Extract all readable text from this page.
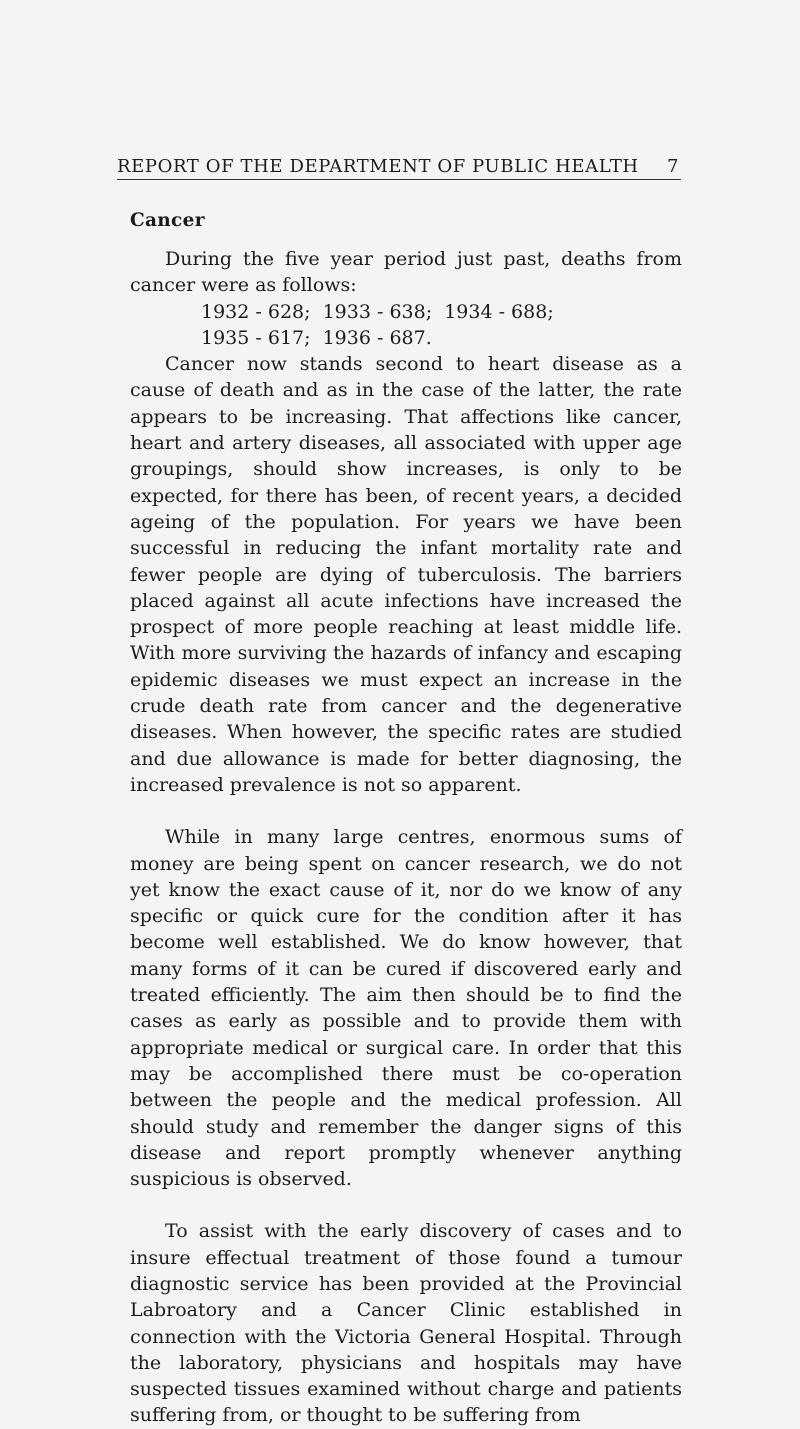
REPORT OF THE DEPARTMENT OF PUBLIC HEALTH 7
Cancer

During the five year period just past, deaths from cancer were as follows:

1932 - 628;  1933 - 638;  1934 - 688;
1935 - 617;  1936 - 687.

Cancer now stands second to heart disease as a cause of death and as in the case of the latter, the rate appears to be increasing. That affections like cancer, heart and artery diseases, all associated with upper age groupings, should show increases, is only to be expected, for there has been, of recent years, a decided ageing of the population. For years we have been successful in reducing the infant mortality rate and fewer people are dying of tuberculosis. The barriers placed against all acute infections have increased the prospect of more people reaching at least middle life. With more surviving the hazards of infancy and escaping epidemic diseases we must expect an increase in the crude death rate from cancer and the degenerative diseases. When however, the specific rates are studied and due allowance is made for better diagnosing, the increased prevalence is not so apparent.

While in many large centres, enormous sums of money are being spent on cancer research, we do not yet know the exact cause of it, nor do we know of any specific or quick cure for the condition after it has become well established. We do know however, that many forms of it can be cured if discovered early and treated efficiently. The aim then should be to find the cases as early as possible and to provide them with appropriate medical or surgical care. In order that this may be accomplished there must be co-operation between the people and the medical profession. All should study and remember the danger signs of this disease and report promptly whenever anything suspicious is observed.

To assist with the early discovery of cases and to insure effectual treatment of those found a tumour diagnostic service has been provided at the Provincial Labroatory and a Cancer Clinic established in connection with the Victoria General Hospital. Through the laboratory, physicians and hospitals may have suspected tissues examined without charge and patients suffering from, or thought to be suffering from
